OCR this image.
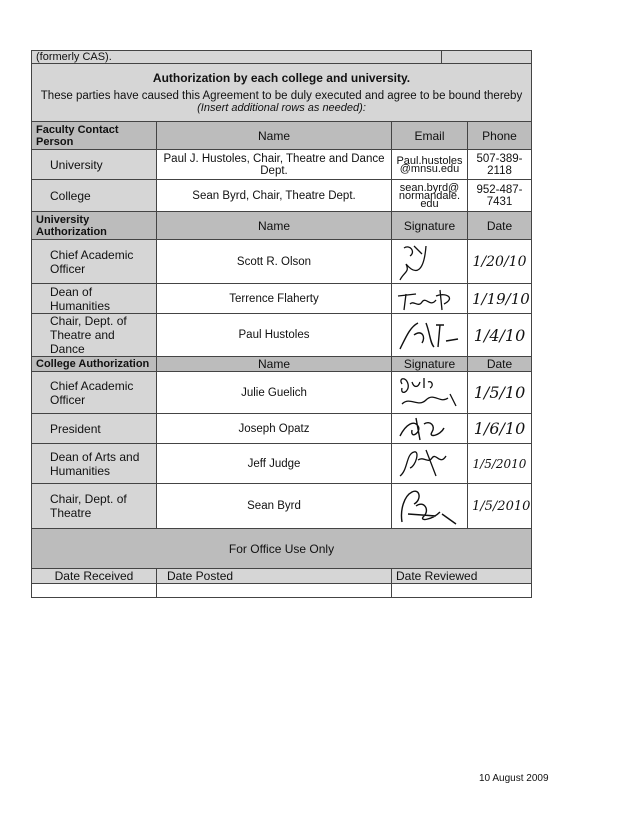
(formerly CAS).				

Authorization by each college and university.
These parties have caused this Agreement to be duly executed and agree to be bound thereby
(Insert additional rows as needed):				

Faculty Contact Person	Name	Email		Phone
University	Paul J. Hustoles, Chair, Theatre and Dance Dept.	Paul.hustoles @mnsu.edu		507-389-2118
College	Sean Byrd, Chair, Theatre Dept.	sean.byrd@ normandale. edu		952-487-7431
University Authorization	Name	Signature		Date
Chief Academic Officer	Scott R. Olson			1/20/10
Dean of Humanities	Terrence Flaherty			1/19/10
Chair, Dept. of Theatre and Dance	Paul Hustoles			1/4/10
College Authorization	Name	Signature		Date
Chief Academic Officer	Julie Guelich			1/5/10
President	Joseph Opatz			1/6/10
Dean of Arts and Humanities	Jeff Judge			1/5/2010
Chair, Dept. of Theatre	Sean Byrd			1/5/2010
For Office Use Only				
Date Received	Date Posted	Date Reviewed		

10 August 2009
